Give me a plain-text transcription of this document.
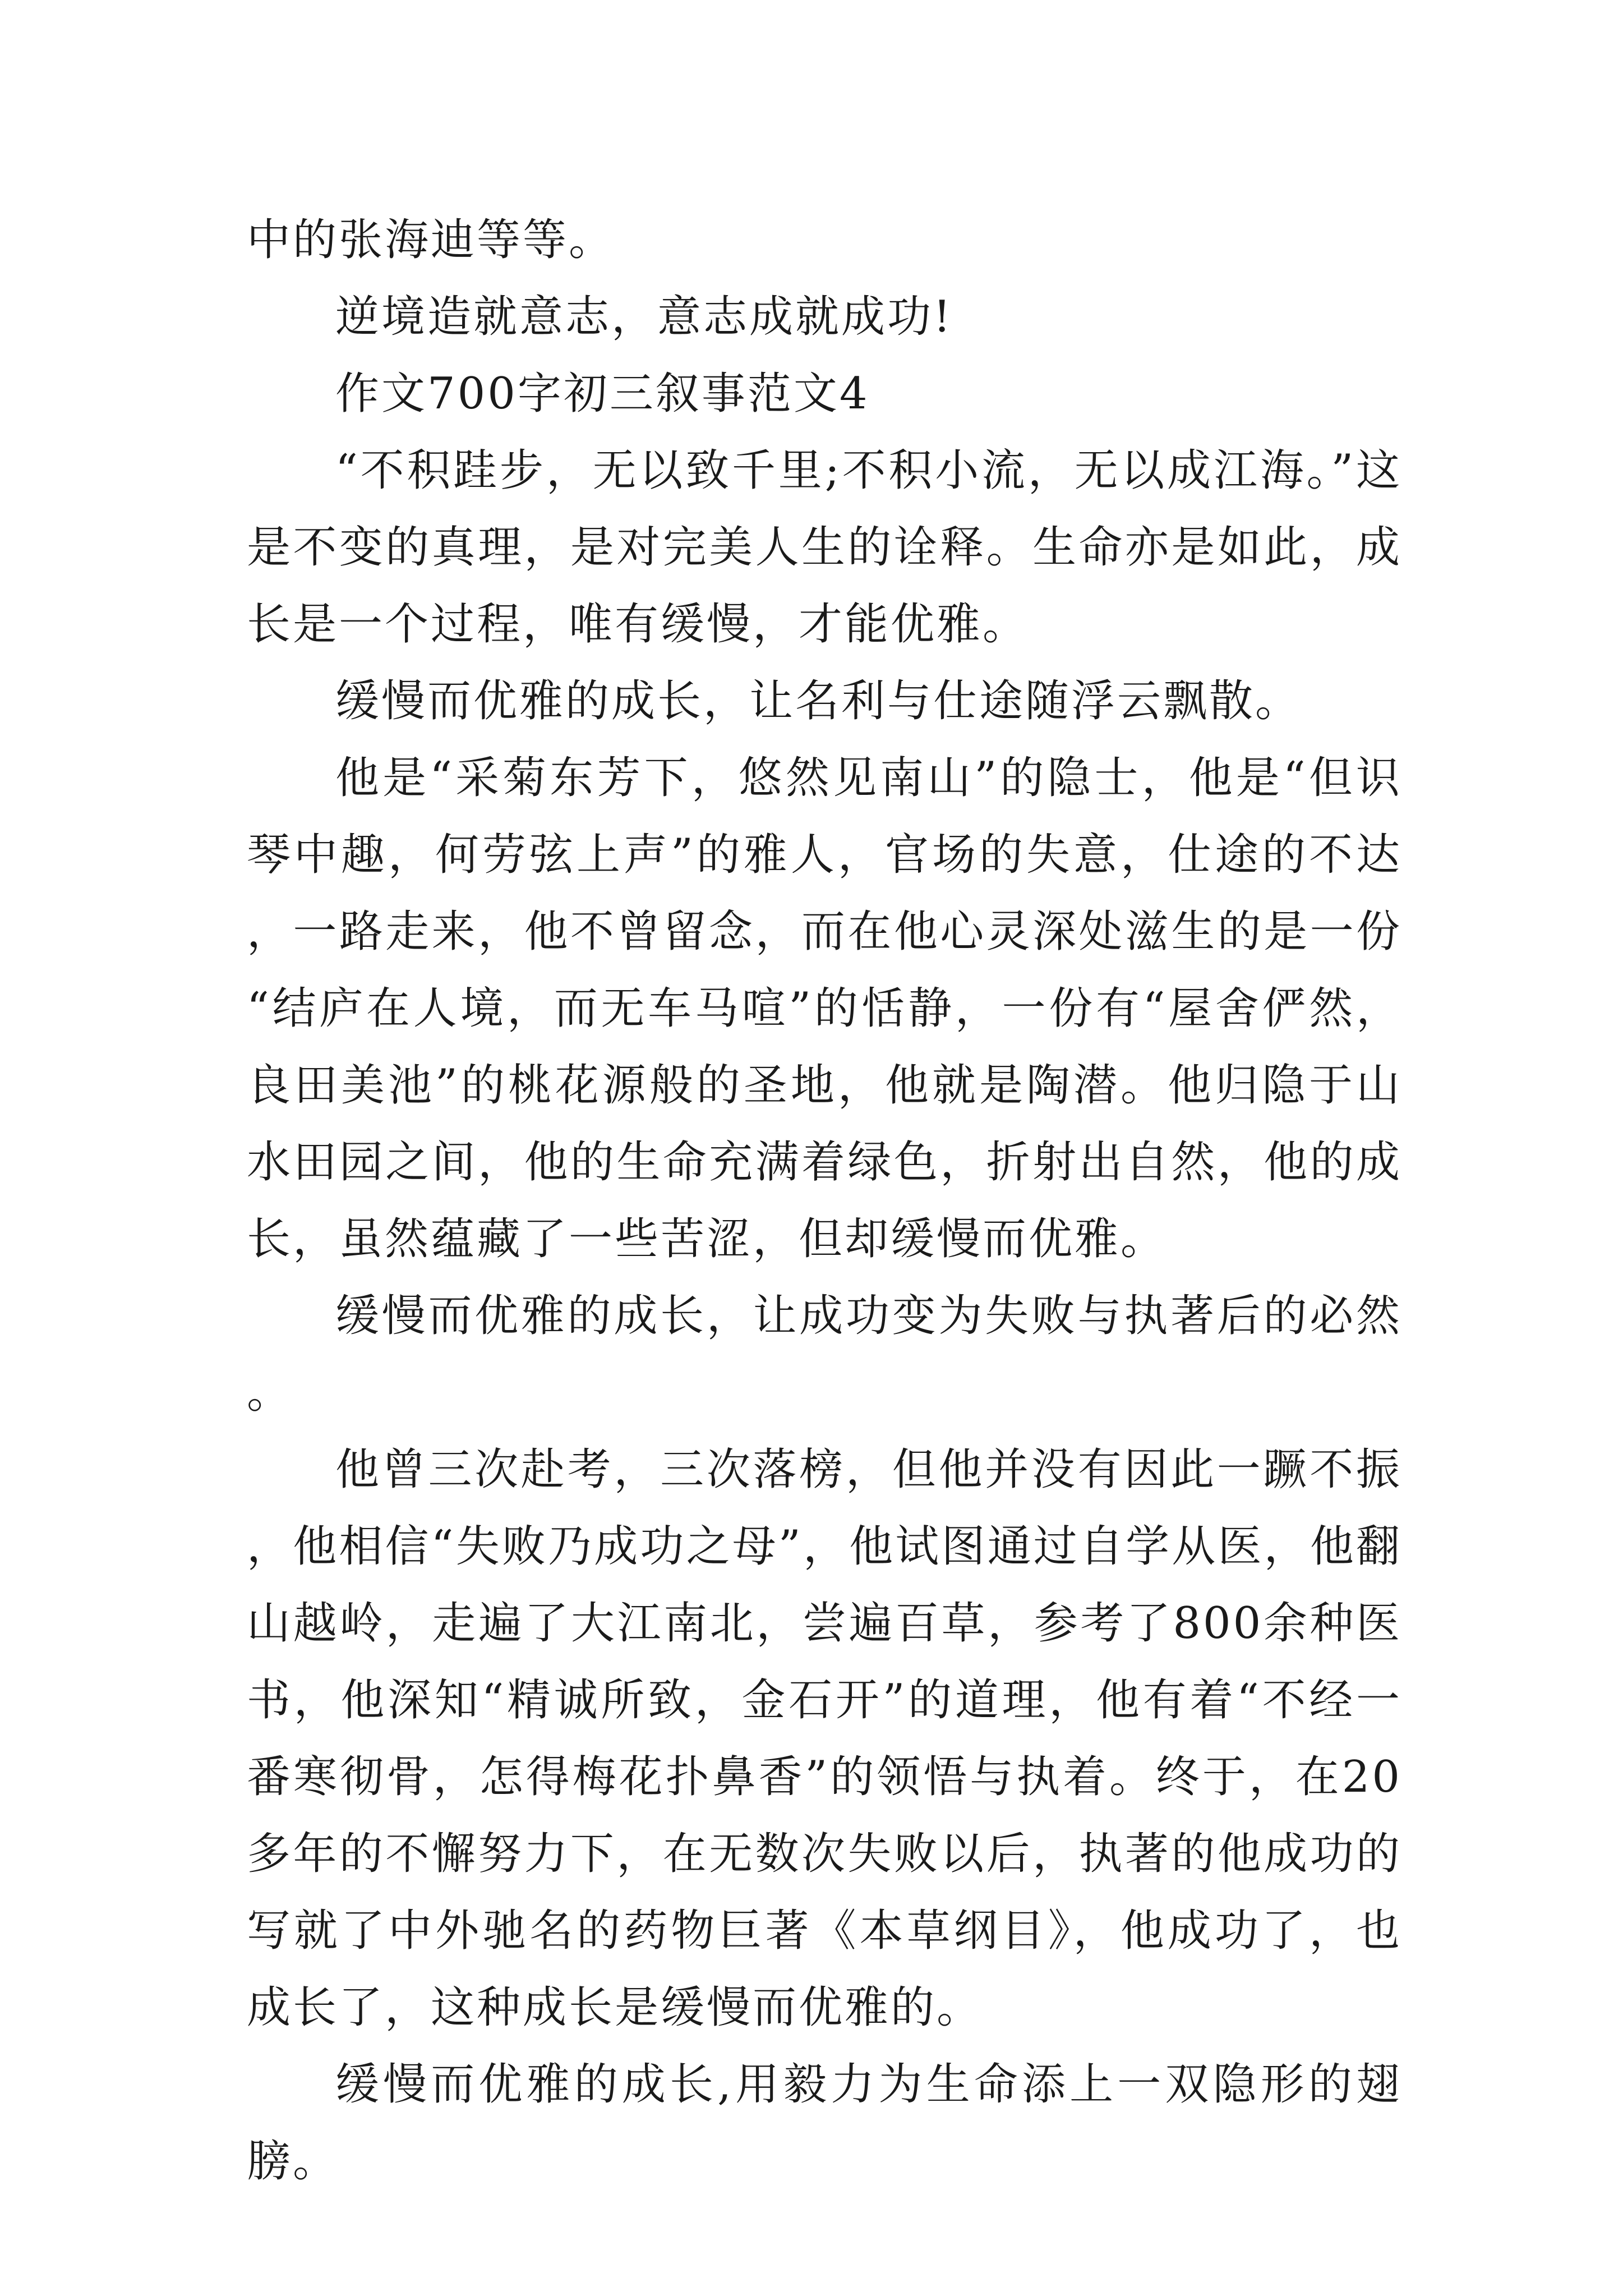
中的张海迪等等。

逆境造就意志，意志成就成功!

作文700字初三叙事范文4

“不积跬步，无以致千里;不积小流，无以成江海。”这是不变的真理，是对完美人生的诠释。生命亦是如此，成长是一个过程，唯有缓慢，才能优雅。

缓慢而优雅的成长，让名利与仕途随浮云飘散。

他是“采菊东芳下，悠然见南山”的隐士，他是“但识琴中趣，何劳弦上声”的雅人，官场的失意，仕途的不达，一路走来，他不曾留念，而在他心灵深处滋生的是一份“结庐在人境，而无车马喧”的恬静，一份有“屋舍俨然，良田美池”的桃花源般的圣地，他就是陶潜。他归隐于山水田园之间，他的生命充满着绿色，折射出自然，他的成长，虽然蕴藏了一些苦涩，但却缓慢而优雅。

缓慢而优雅的成长，让成功变为失败与执著后的必然。

他曾三次赴考，三次落榜，但他并没有因此一蹶不振，他相信“失败乃成功之母”，他试图通过自学从医，他翻山越岭，走遍了大江南北，尝遍百草，参考了800余种医书，他深知“精诚所致，金石开”的道理，他有着“不经一番寒彻骨，怎得梅花扑鼻香”的领悟与执着。终于，在20多年的不懈努力下，在无数次失败以后，执著的他成功的写就了中外驰名的药物巨著《本草纲目》，他成功了，也成长了，这种成长是缓慢而优雅的。

缓慢而优雅的成长,用毅力为生命添上一双隐形的翅膀。
